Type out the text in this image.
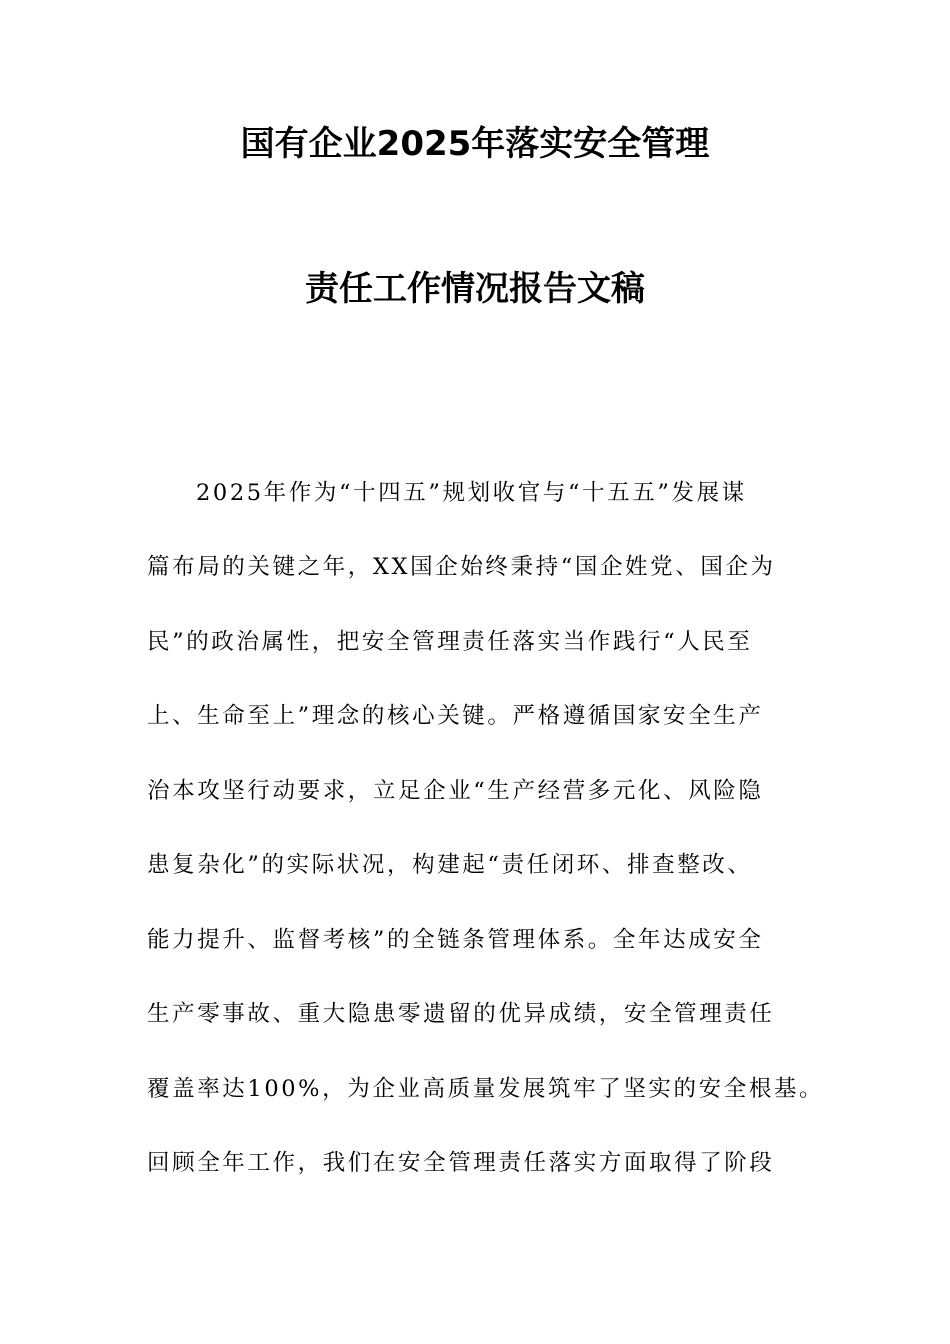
国有企业2025年落实安全管理
责任工作情况报告文稿
2025年作为“十四五”规划收官与“十五五”发展谋
篇布局的关键之年，XX国企始终秉持“国企姓党、国企为
民”的政治属性，把安全管理责任落实当作践行“人民至
上、生命至上”理念的核心关键。严格遵循国家安全生产
治本攻坚行动要求，立足企业“生产经营多元化、风险隐
患复杂化”的实际状况，构建起“责任闭环、排查整改、
能力提升、监督考核”的全链条管理体系。全年达成安全
生产零事故、重大隐患零遗留的优异成绩，安全管理责任
覆盖率达100%，为企业高质量发展筑牢了坚实的安全根基。
回顾全年工作，我们在安全管理责任落实方面取得了阶段
